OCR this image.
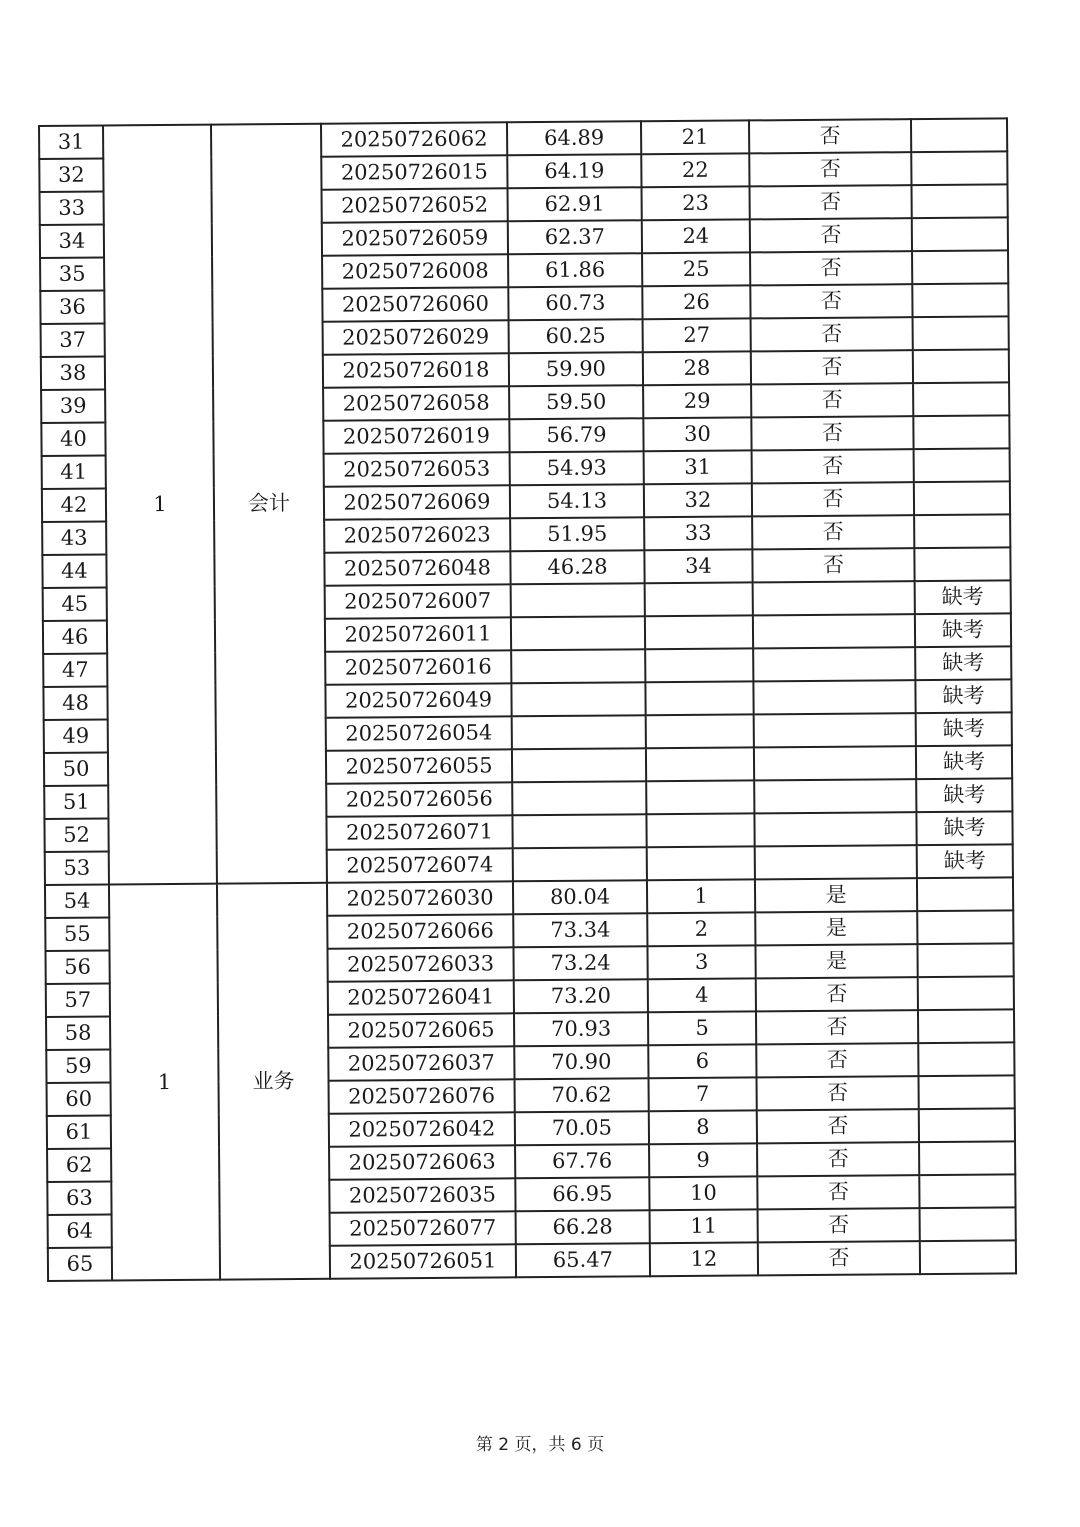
31	1	会计	20250726062	64.89	21	否	
32			20250726015	64.19	22	否	
33			20250726052	62.91	23	否	
34			20250726059	62.37	24	否	
35			20250726008	61.86	25	否	
36			20250726060	60.73	26	否	
37			20250726029	60.25	27	否	
38			20250726018	59.90	28	否	
39			20250726058	59.50	29	否	
40			20250726019	56.79	30	否	
41			20250726053	54.93	31	否	
42			20250726069	54.13	32	否	
43			20250726023	51.95	33	否	
44			20250726048	46.28	34	否	
45			20250726007				缺考
46			20250726011				缺考
47			20250726016				缺考
48			20250726049				缺考
49			20250726054				缺考
50			20250726055				缺考
51			20250726056				缺考
52			20250726071				缺考
53			20250726074				缺考
54	1	业务	20250726030	80.04	1	是	
55			20250726066	73.34	2	是	
56			20250726033	73.24	3	是	
57			20250726041	73.20	4	否	
58			20250726065	70.93	5	否	
59			20250726037	70.90	6	否	
60			20250726076	70.62	7	否	
61			20250726042	70.05	8	否	
62			20250726063	67.76	9	否	
63			20250726035	66.95	10	否	
64			20250726077	66.28	11	否	
65			20250726051	65.47	12	否	
第 2 页，共 6 页
